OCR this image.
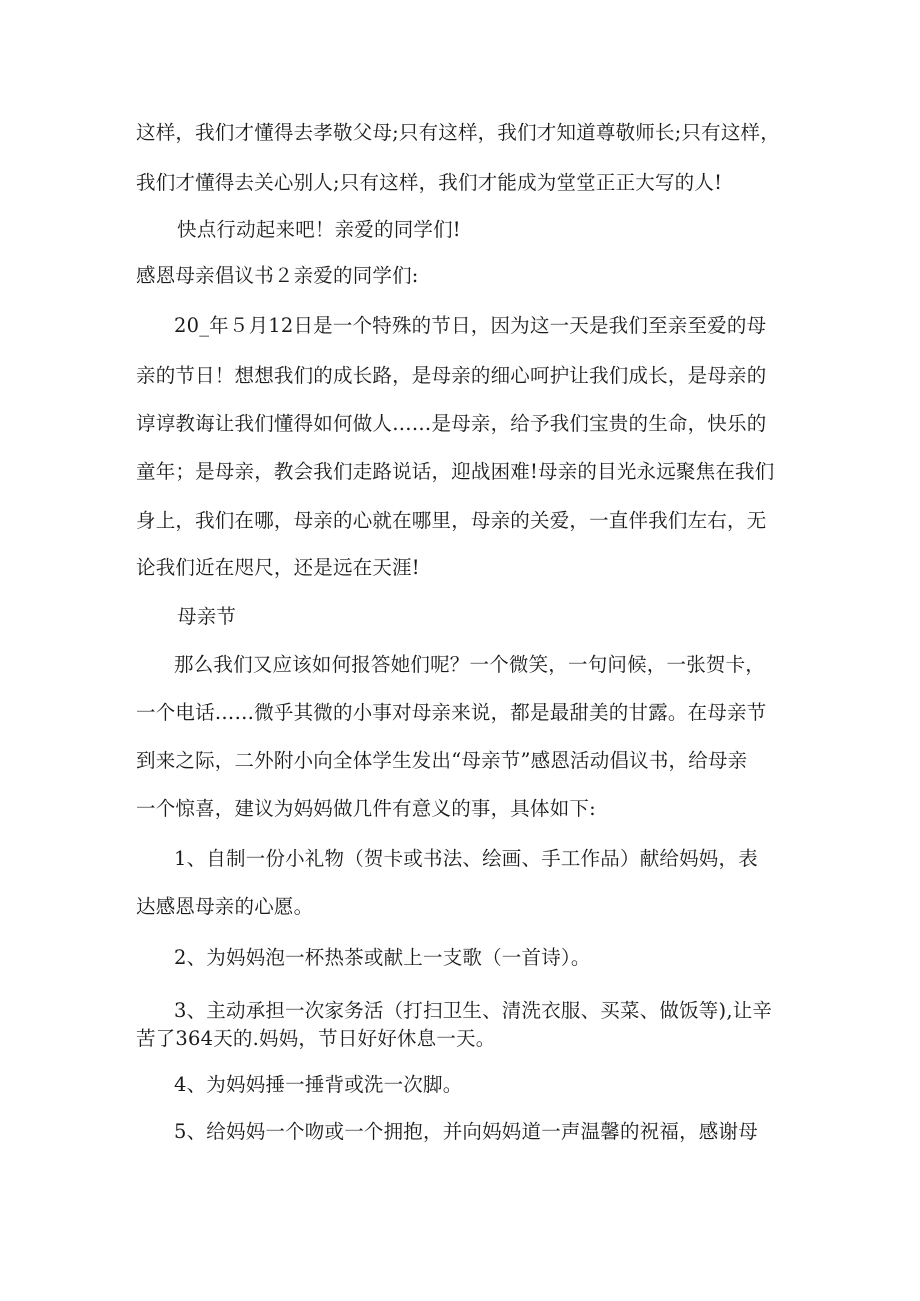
这样，我们才懂得去孝敬父母;只有这样，我们才知道尊敬师长;只有这样，
我们才懂得去关心别人;只有这样，我们才能成为堂堂正正大写的人!
快点行动起来吧！亲爱的同学们!
感恩母亲倡议书２亲爱的同学们:
20_年５月12日是一个特殊的节日，因为这一天是我们至亲至爱的母
亲的节日！想想我们的成长路，是母亲的细心呵护让我们成长，是母亲的
谆谆教诲让我们懂得如何做人……是母亲，给予我们宝贵的生命，快乐的
童年；是母亲，教会我们走路说话，迎战困难!母亲的目光永远聚焦在我们
身上，我们在哪，母亲的心就在哪里，母亲的关爱，一直伴我们左右，无
论我们近在咫尺，还是远在天涯!
母亲节
那么我们又应该如何报答她们呢？一个微笑，一句问候，一张贺卡，
一个电话……微乎其微的小事对母亲来说，都是最甜美的甘露。在母亲节
到来之际，二外附小向全体学生发出“母亲节”感恩活动倡议书，给母亲
一个惊喜，建议为妈妈做几件有意义的事，具体如下:
1、自制一份小礼物（贺卡或书法、绘画、手工作品）献给妈妈，表
达感恩母亲的心愿。
2、为妈妈泡一杯热茶或献上一支歌（一首诗）。
3、主动承担一次家务活（打扫卫生、清洗衣服、买菜、做饭等),让辛
苦了364天的.妈妈，节日好好休息一天。
4、为妈妈捶一捶背或洗一次脚。
5、给妈妈一个吻或一个拥抱，并向妈妈道一声温馨的祝福，感谢母
